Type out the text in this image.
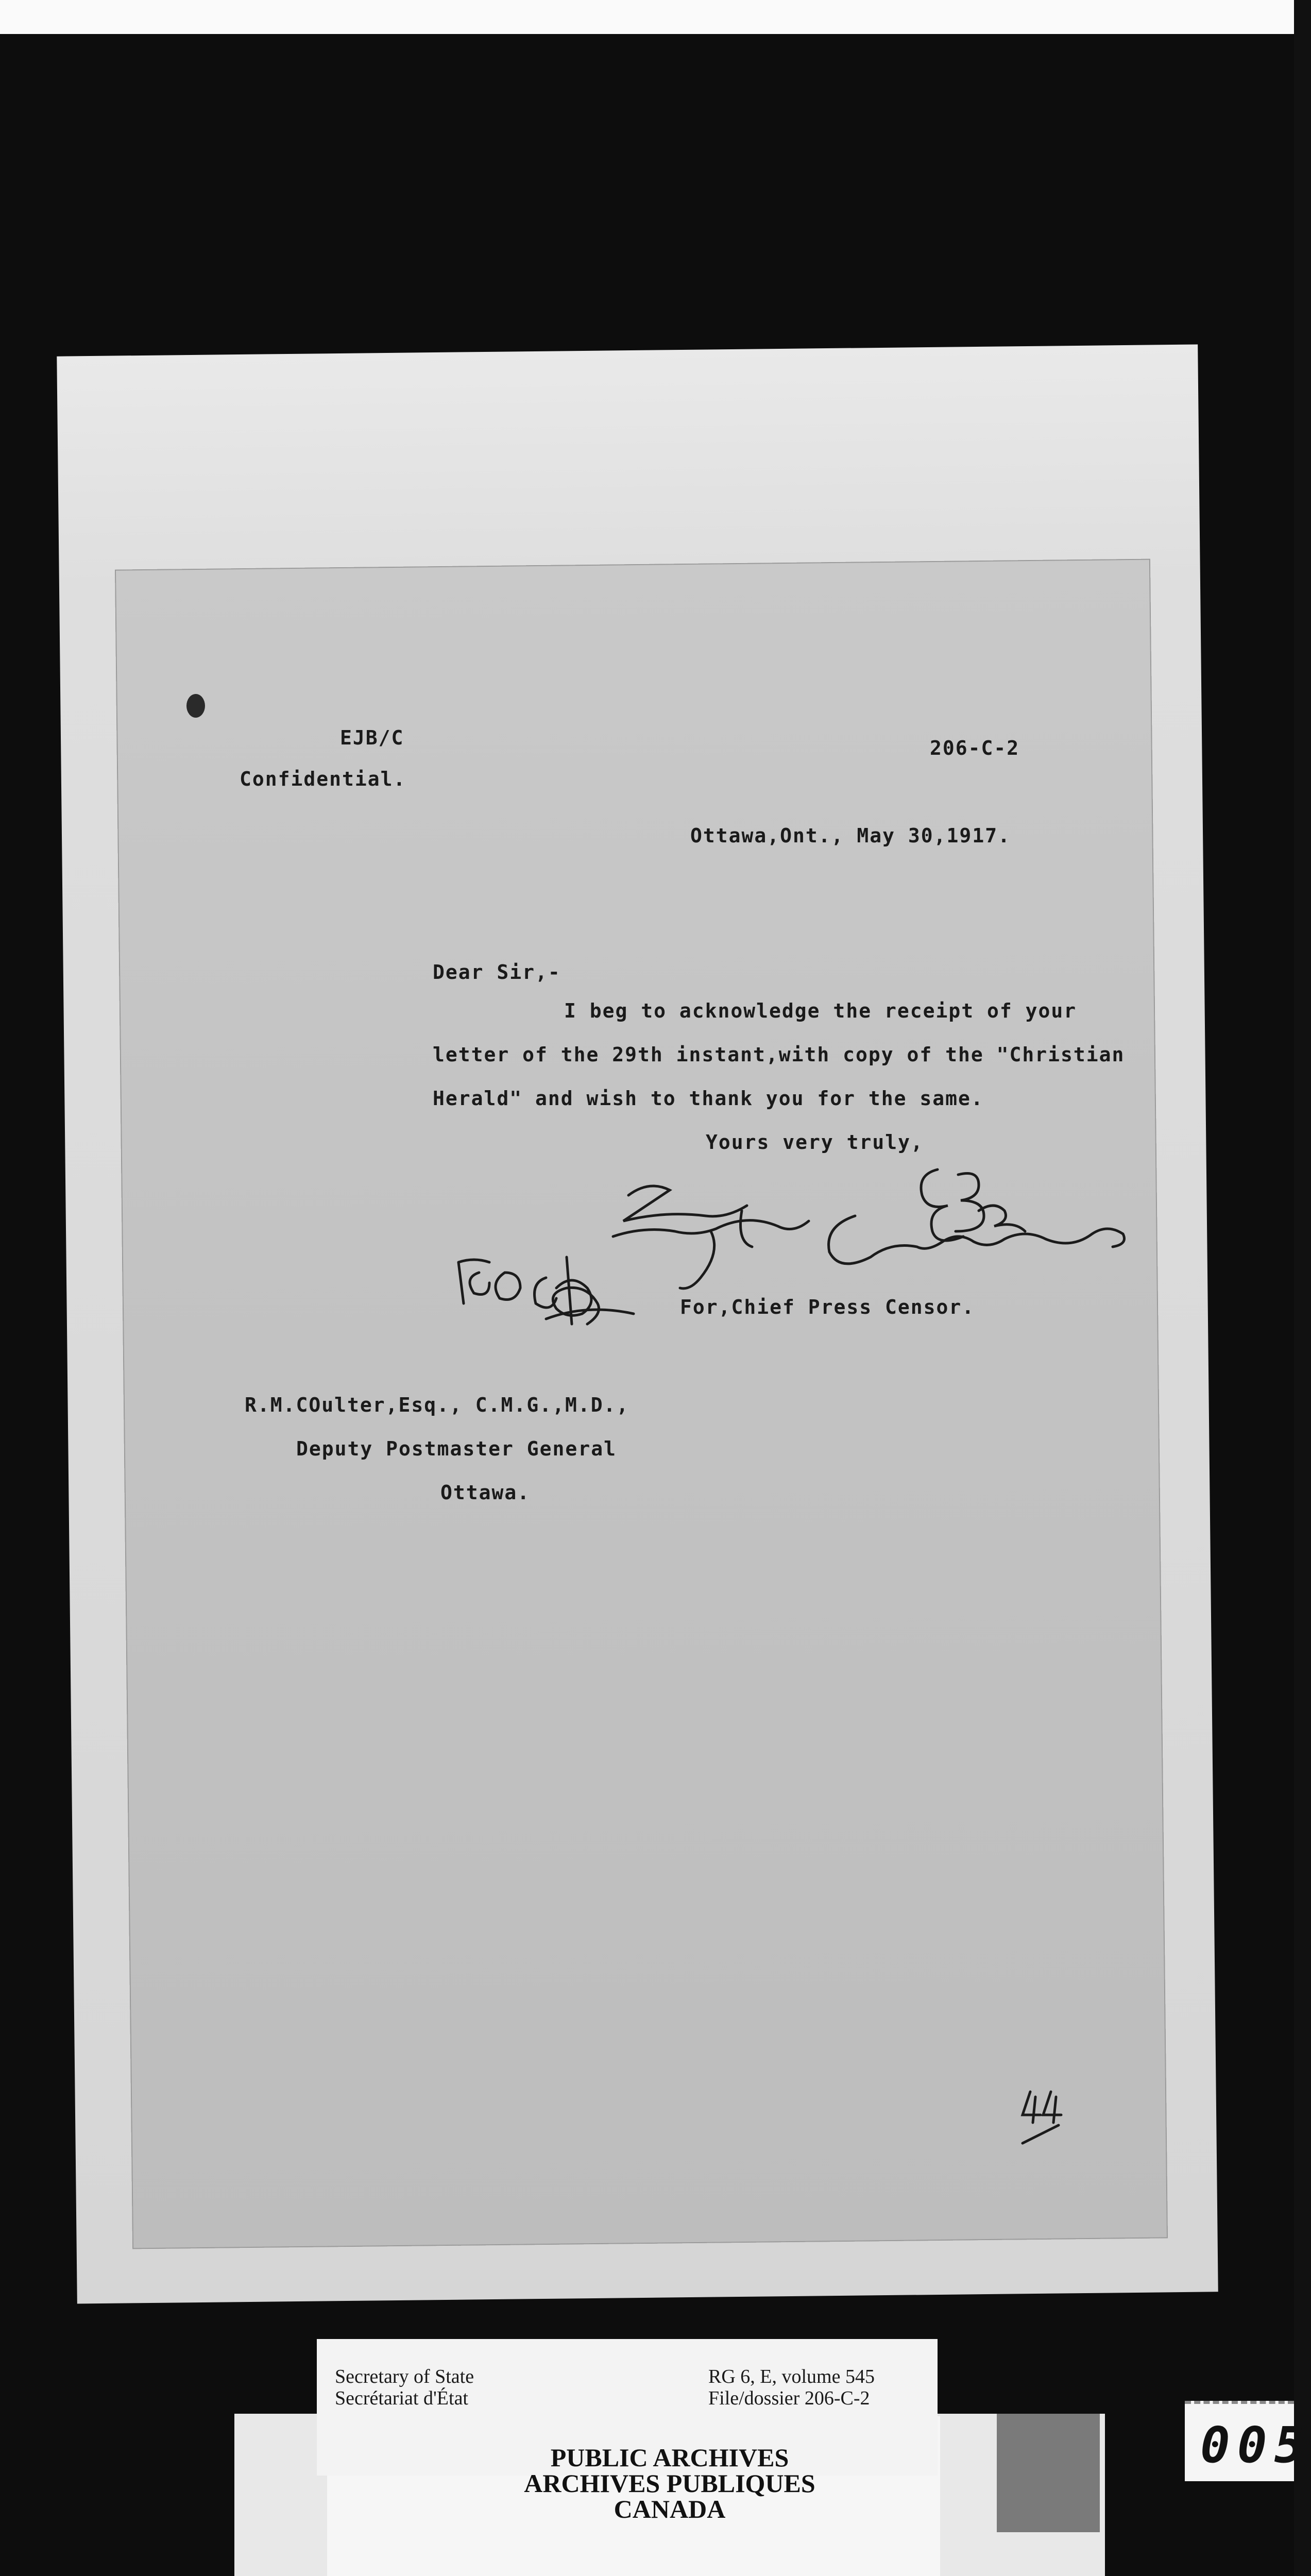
EJB/C	206-C-2
Confidential.
Ottawa,Ont., May 30,1917.
Dear Sir,-
I beg to acknowledge the receipt of your
letter of the 29th instant,with copy of the "Christian
Herald" and wish to thank you for the same.
Yours very truly,
For,Chief Press Censor.
R.M.COulter,Esq., C.M.G.,M.D.,
Deputy Postmaster General
Ottawa.
Secretary of State
Secrétariat d'État
RG 6, E, volume 545
File/dossier 206-C-2
PUBLIC ARCHIVES
ARCHIVES PUBLIQUES
CANADA
005
